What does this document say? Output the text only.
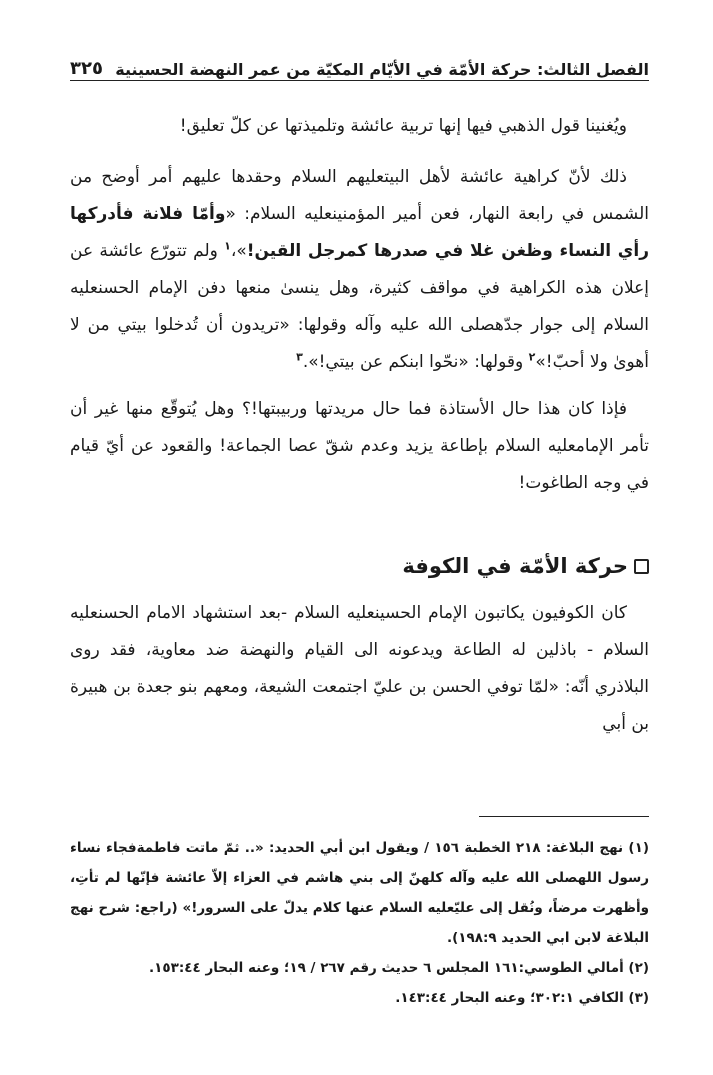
الفصل الثالث: حركة الأمّة في الأيّام المكيّة من عمر النهضة الحسينية
٣٢٥

ويُغنينا قول الذهبي فيها إنها تربية عائشة وتلميذتها عن كلّ تعليق!

ذلك لأنّ كراهية عائشة لأهل البيتعليهم السلام وحقدها عليهم أمر أوضح من الشمس في رابعة النهار، فعن أمير المؤمنينعليه السلام: «وأمّا فلانة فأدركها رأي النساء وظغن غلا في صدرها كمرجل القين!»،$^١$ ولم تتورّع عائشة عن إعلان هذه الكراهية في مواقف كثيرة، وهل ينسىٰ منعها دفن الإمام الحسنعليه السلام إلى جوار جدّهصلى الله عليه وآله وقولها: «تريدون أن تُدخلوا بيتي من لا أهوىٰ ولا أحبّ!»$^٢$ وقولها: «نحّوا ابنكم عن بيتي!».$^٣$

فإذا كان هذا حال الأستاذة فما حال مريدتها وربيبتها!؟ وهل يُتوقّع منها غير أن تأمر الإمامعليه السلام بإطاعة يزيد وعدم شقّ عصا الجماعة! والقعود عن أيّ قيام في وجه الطاغوت!

حركة الأمّة في الكوفة

كان الكوفيون يكاتبون الإمام الحسينعليه السلام -بعد استشهاد الامام الحسنعليه السلام - باذلين له الطاعة ويدعونه الى القيام والنهضة ضد معاوية، فقد روى البلاذري أنّه: «لمّا توفي الحسن بن عليّ اجتمعت الشيعة، ومعهم بنو جعدة بن هبيرة بن أبي

(١) نهج البلاغة: ٢١٨ الخطبة ١٥٦ / ويقول ابن أبي الحديد: «.. ثمّ ماتت فاطمةفجاء نساء رسول اللهصلى الله عليه وآله كلهنّ إلى بني هاشم في العزاء إلاّ عائشة فإنّها لم تأتِ، وأظهرت مرضاً، ونُقل إلى عليّعليه السلام عنها كلام يدلّ على السرور!» (راجع: شرح نهج البلاغة لابن ابي الحديد ١٩٨:٩).

(٢) أمالي الطوسي:١٦١ المجلس ٦ حديث رقم ٢٦٧ / ١٩؛ وعنه البحار ١٥٣:٤٤.

(٣) الكافي ٣٠٢:١؛ وعنه البحار ١٤٣:٤٤.
